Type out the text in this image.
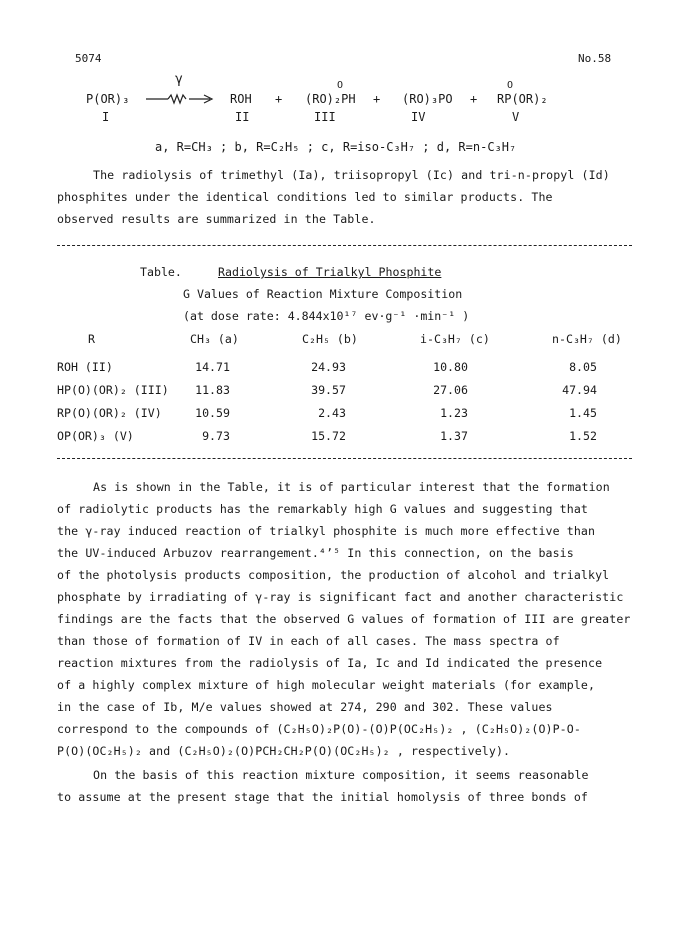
5074	No.58
P(OR)₃
I
γ
ROH
II
+
O
(RO)₂PH
III
+ (RO)₃PO
IV
+
O
RP(OR)₂
V
a, R=CH₃ ; b, R=C₂H₅ ; c, R=iso-C₃H₇ ; d, R=n-C₃H₇
The radiolysis of trimethyl (Ia), triisopropyl (Ic) and tri-n-propyl (Id)
phosphites under the identical conditions led to similar products. The
observed results are summarized in the Table.
Table.	Radiolysis of Trialkyl Phosphite
G Values of Reaction Mixture Composition
(at dose rate: 4.844x10¹⁷ ev·g⁻¹ ·min⁻¹ )
R	CH₃ (a)	C₂H₅ (b)	i-C₃H₇ (c)	n-C₃H₇ (d)
ROH (II)	14.71	24.93	10.80	8.05
HP(O)(OR)₂ (III)	11.83	39.57	27.06	47.94
RP(O)(OR)₂ (IV)	10.59	2.43	1.23	1.45
OP(OR)₃ (V)	9.73	15.72	1.37	1.52
As is shown in the Table, it is of particular interest that the formation
of radiolytic products has the remarkably high G values and suggesting that
the γ-ray induced reaction of trialkyl phosphite is much more effective than
the UV-induced Arbuzov rearrangement.⁴ʼ⁵ In this connection, on the basis
of the photolysis products composition, the production of alcohol and trialkyl
phosphate by irradiating of γ-ray is significant fact and another characteristic
findings are the facts that the observed G values of formation of III are greater
than those of formation of IV in each of all cases. The mass spectra of
reaction mixtures from the radiolysis of Ia, Ic and Id indicated the presence
of a highly complex mixture of high molecular weight materials (for example,
in the case of Ib, M/e values showed at 274, 290 and 302. These values
correspond to the compounds of (C₂H₅O)₂P(O)-(O)P(OC₂H₅)₂ , (C₂H₅O)₂(O)P-O-
P(O)(OC₂H₅)₂ and (C₂H₅O)₂(O)PCH₂CH₂P(O)(OC₂H₅)₂ , respectively).
On the basis of this reaction mixture composition, it seems reasonable
to assume at the present stage that the initial homolysis of three bonds of
